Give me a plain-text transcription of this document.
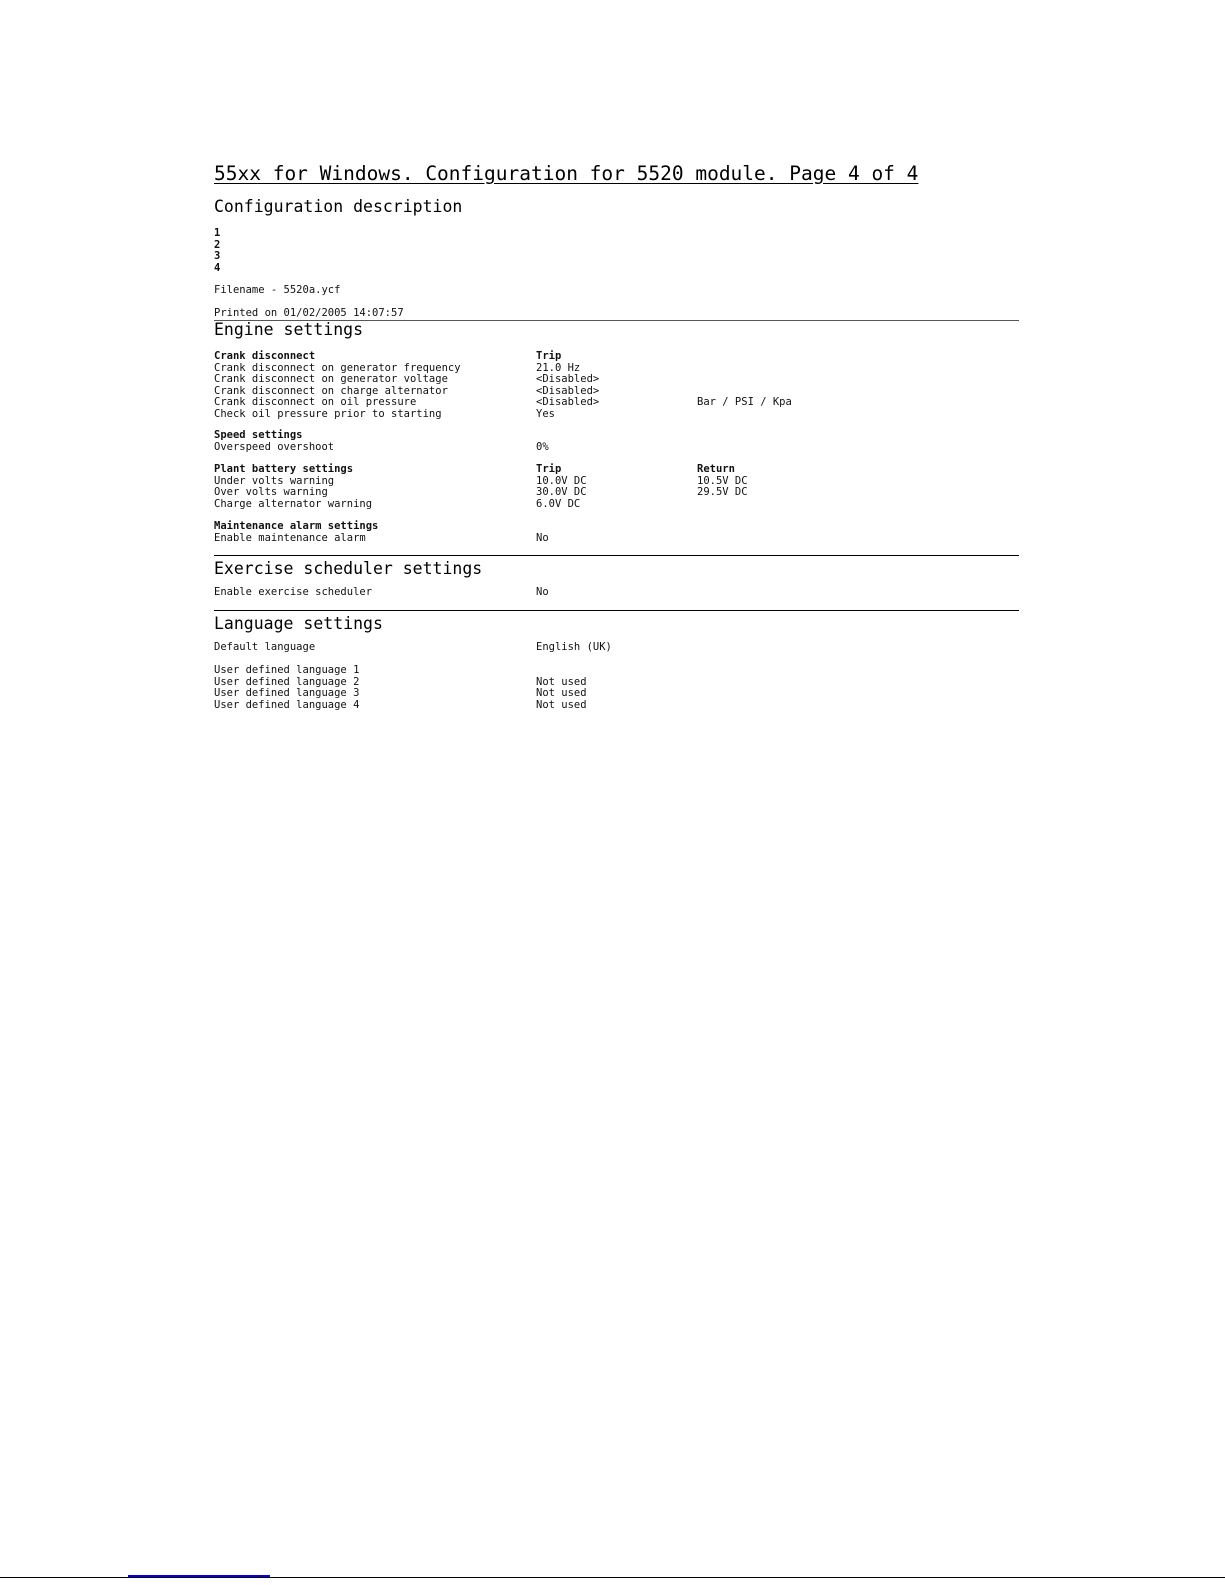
55xx for Windows. Configuration for 5520 module. Page 4 of 4
Configuration description
1
2
3
4
Filename - 5520a.ycf
Printed on 01/02/2005 14:07:57
Engine settings
Crank disconnect	Trip
Crank disconnect on generator frequency	21.0 Hz
Crank disconnect on generator voltage	<Disabled>
Crank disconnect on charge alternator	<Disabled>
Crank disconnect on oil pressure	<Disabled>	Bar / PSI / Kpa
Check oil pressure prior to starting	Yes
Speed settings
Overspeed overshoot	0%
Plant battery settings	Trip	Return
Under volts warning	10.0V DC	10.5V DC
Over volts warning	30.0V DC	29.5V DC
Charge alternator warning	6.0V DC
Maintenance alarm settings
Enable maintenance alarm	No
Exercise scheduler settings
Enable exercise scheduler	No
Language settings
Default language	English (UK)
User defined language 1
User defined language 2	Not used
User defined language 3	Not used
User defined language 4	Not used
